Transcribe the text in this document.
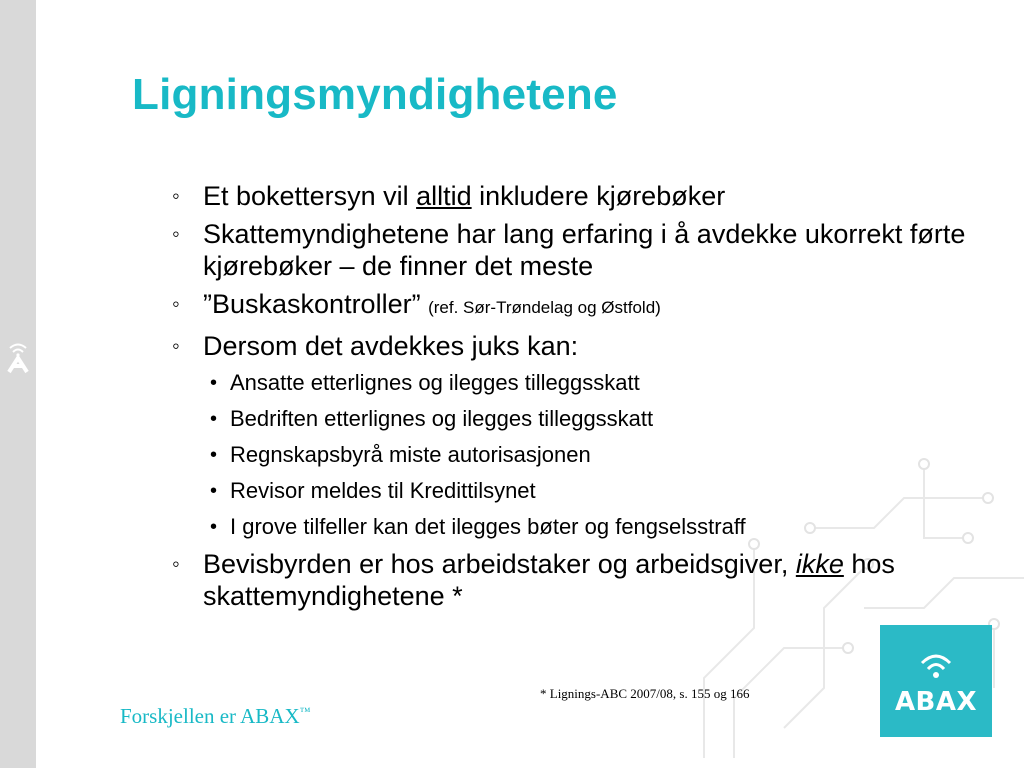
Ligningsmyndighetene
◦ Et bokettersyn vil alltid inkludere kjørebøker
◦ Skattemyndighetene har lang erfaring i å avdekke ukorrekt førte kjørebøker – de finner det meste
◦ ”Buskaskontroller” (ref. Sør-Trøndelag og Østfold)
◦ Dersom det avdekkes juks kan:
• Ansatte etterlignes og ilegges tilleggsskatt
• Bedriften etterlignes og ilegges tilleggsskatt
• Regnskapsbyrå miste autorisasjonen
• Revisor meldes til Kredittilsynet
• I grove tilfeller kan det ilegges bøter og fengselsstraff
◦ Bevisbyrden er hos arbeidstaker og arbeidsgiver, ikke hos skattemyndighetene *
* Lignings-ABC 2007/08, s. 155 og 166
Forskjellen er ABAX™	ABAX
